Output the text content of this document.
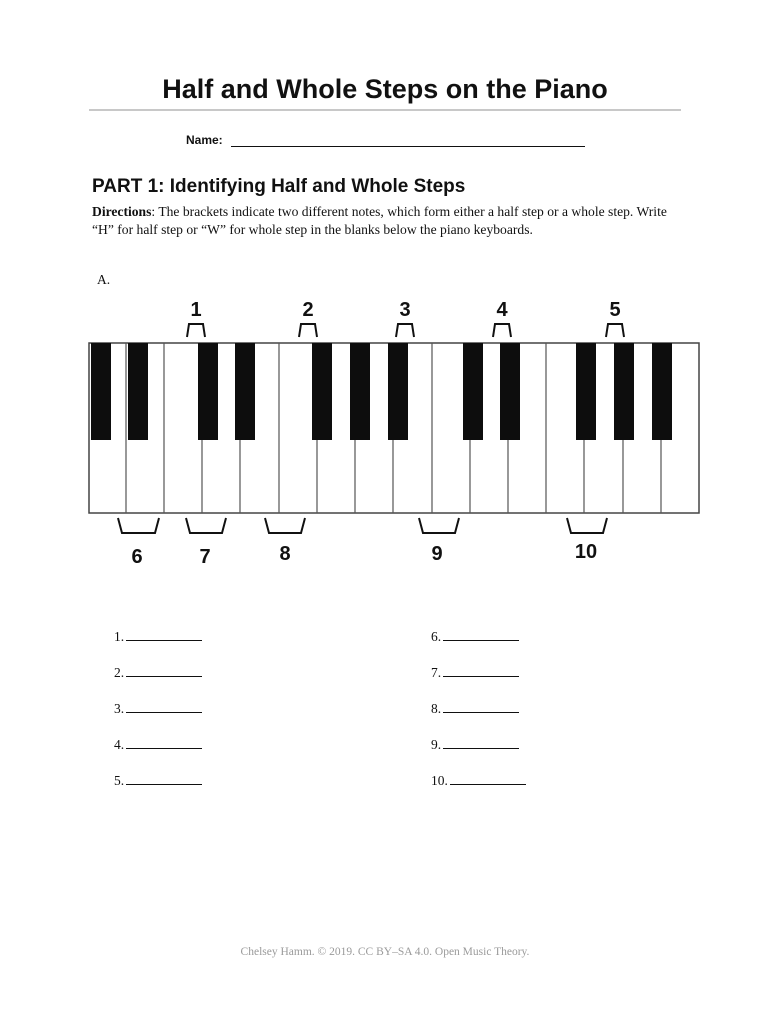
Half and Whole Steps on the Piano
Name:
PART 1: Identifying Half and Whole Steps
Directions: The brackets indicate two different notes, which form either a half step or a whole step. Write “H” for half step or “W” for whole step in the blanks below the piano keyboards.
A.
1	2	3	4	5
6	7	8	9	10
1.
2.
3.
4.
5.
6.
7.
8.
9.
10.
Chelsey Hamm. © 2019. CC BY–SA 4.0. Open Music Theory.
